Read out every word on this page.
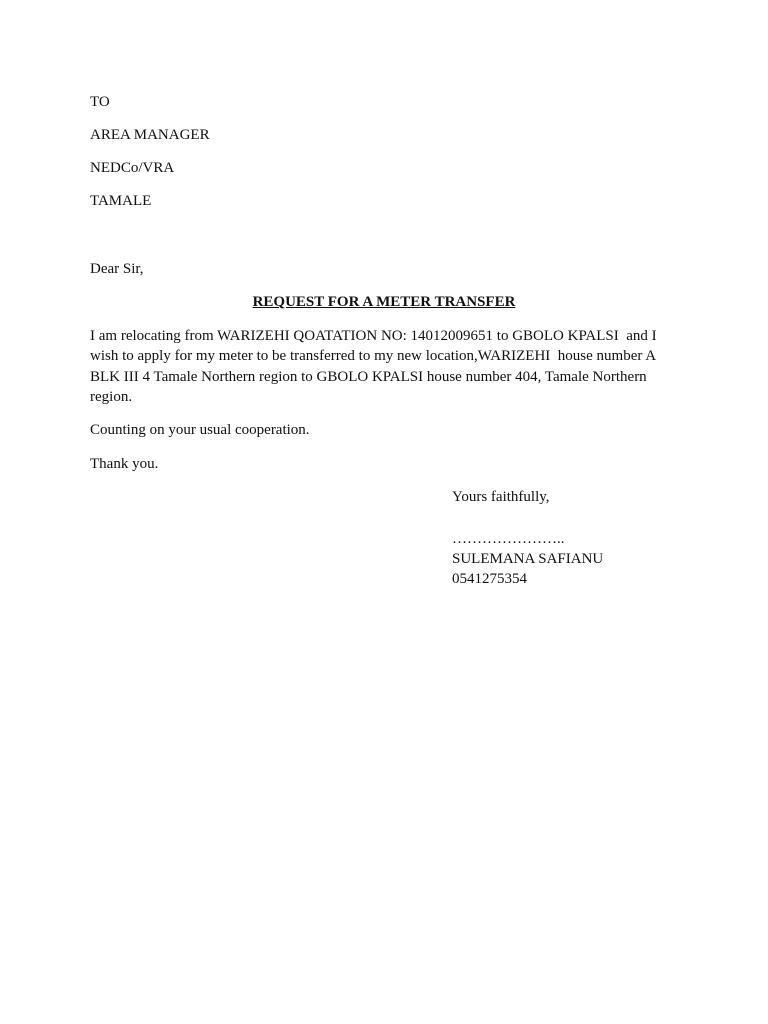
TO
AREA MANAGER
NEDCo/VRA
TAMALE
Dear Sir,
REQUEST FOR A METER TRANSFER
I am relocating from WARIZEHI QOATATION NO: 14012009651 to GBOLO KPALSI  and I
wish to apply for my meter to be transferred to my new location,WARIZEHI  house number A
BLK III 4 Tamale Northern region to GBOLO KPALSI house number 404, Tamale Northern
region.
Counting on your usual cooperation.
Thank you.
Yours faithfully,
…………………..
SULEMANA SAFIANU
0541275354
